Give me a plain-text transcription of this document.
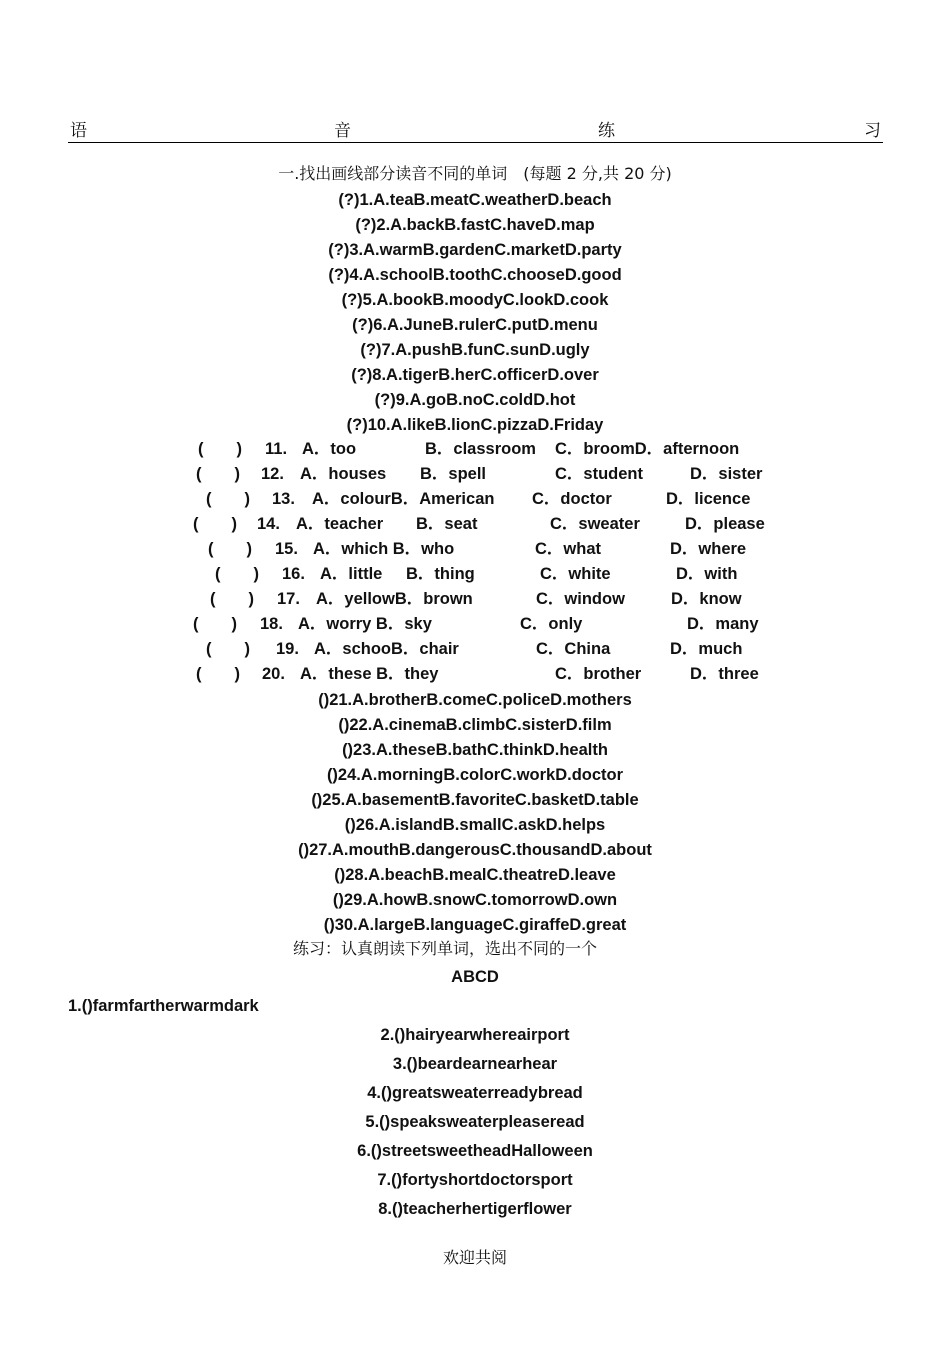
语	音	练	习
一.找出画线部分读音不同的单词　(每题 2 分,共 20 分)
(?)1.A.teaB.meatC.weatherD.beach
(?)2.A.backB.fastC.haveD.map
(?)3.A.warmB.gardenC.marketD.party
(?)4.A.schoolB.toothC.chooseD.good
(?)5.A.bookB.moodyC.lookD.cook
(?)6.A.JuneB.rulerC.putD.menu
(?)7.A.pushB.funC.sunD.ugly
(?)8.A.tigerB.herC.officerD.over
(?)9.A.goB.noC.coldD.hot
(?)10.A.likeB.lionC.pizzaD.Friday
(　　) 11. A．too	B．classroom C．broomD．afternoon
(　　) 12. A．houses B．spell	C．student	D．sister
(　　) 13. A．colourB．American C．doctor	D．licence
(　　) 14. A．teacher B．seat	C．sweater	D．please
(　　) 15. A．which B．who	C．what	D．where
(　　) 16. A．little B．thing	C．white	D．with
(　　) 17. A．yellowB．brown	C．window	D．know
(　　) 18. A．worry B．sky	C．only	D．many
(　　) 19. A．schooB．chair	C．China	D．much
(　　) 20. A．these B．they	C．brother	D．three
()21.A.brotherB.comeC.policeD.mothers
()22.A.cinemaB.climbC.sisterD.film
()23.A.theseB.bathC.thinkD.health
()24.A.morningB.colorC.workD.doctor
()25.A.basementB.favoriteC.basketD.table
()26.A.islandB.smallC.askD.helps
()27.A.mouthB.dangerousC.thousandD.about
()28.A.beachB.mealC.theatreD.leave
()29.A.howB.snowC.tomorrowD.own
()30.A.largeB.languageC.giraffeD.great
练习：认真朗读下列单词，选出不同的一个
ABCD
1.()farmfartherwarmdark
2.()hairyearwhereairport
3.()beardearnearhear
4.()greatsweaterreadybread
5.()speaksweaterpleaseread
6.()streetsweetheadHalloween
7.()fortyshortdoctorsport
8.()teacherhertigerflower
欢迎共阅
